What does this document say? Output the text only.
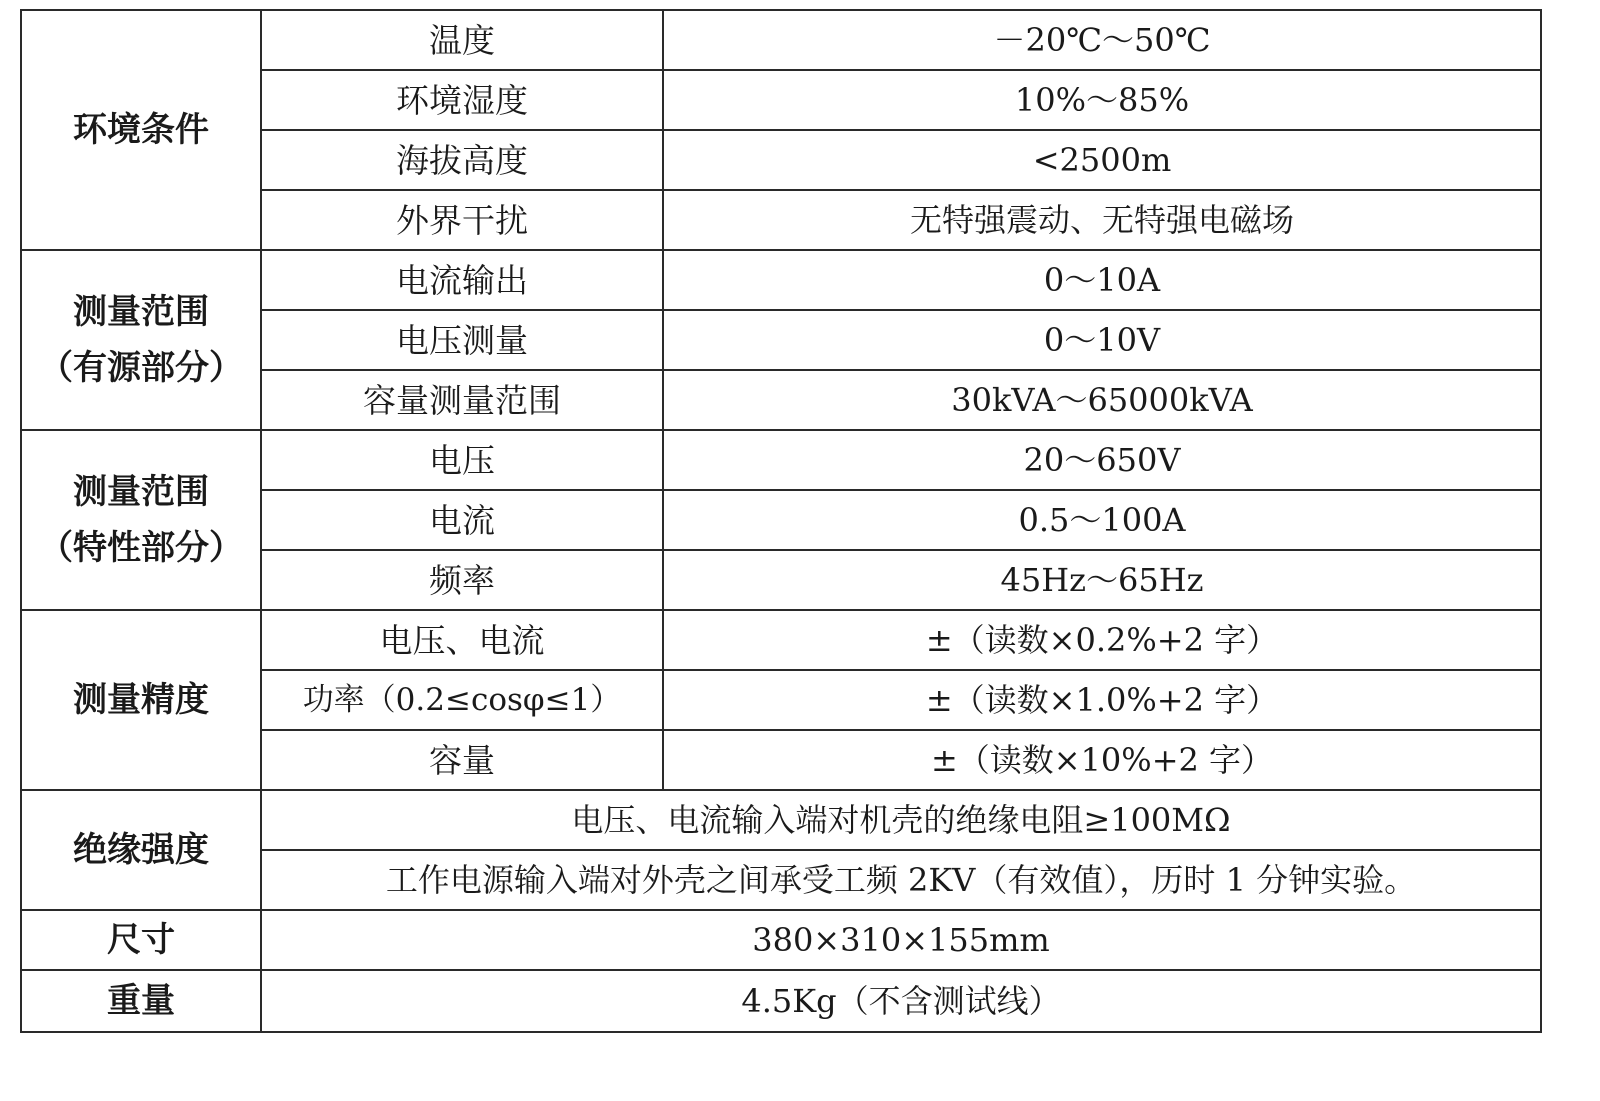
环境条件	温度	－20℃～50℃
	环境湿度	10%～85%
	海拔高度	<2500m
	外界干扰	无特强震动、无特强电磁场

测量范围
（有源部分）	电流输出	0～10A
	电压测量	0～10V
	容量测量范围	30kVA～65000kVA

测量范围
（特性部分）	电压	20～650V
	电流	0.5～100A
	频率	45Hz～65Hz

测量精度	电压、电流	±（读数×0.2%+2 字）
	功率（0.2≤cosφ≤1）	±（读数×1.0%+2 字）
	容量	±（读数×10%+2 字）

绝缘强度	电压、电流输入端对机壳的绝缘电阻≥100MΩ	
	工作电源输入端对外壳之间承受工频 2KV（有效值），历时 1 分钟实验。	

尺寸	380×310×155mm	

重量	4.5Kg（不含测试线）	
